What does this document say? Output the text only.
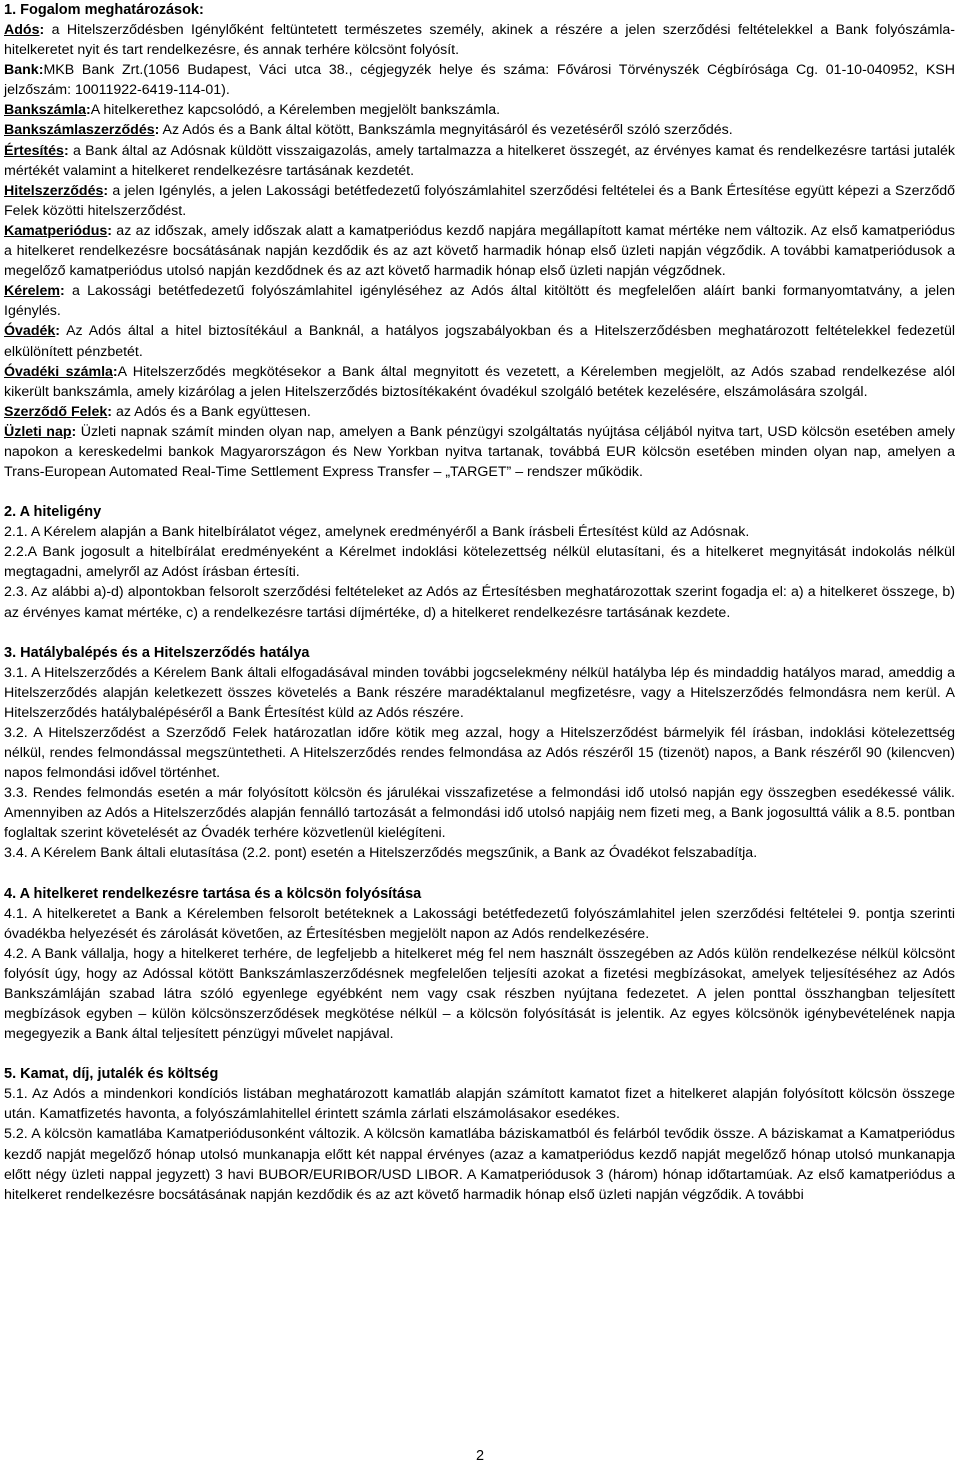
1. Fogalom meghatározások:

Adós: a Hitelszerződésben Igénylőként feltüntetett természetes személy, akinek a részére a jelen szerződési feltételekkel a Bank folyószámla-hitelkeretet nyit és tart rendelkezésre, és annak terhére kölcsönt folyósít.

Bank:MKB Bank Zrt.(1056 Budapest, Váci utca 38., cégjegyzék helye és száma: Fővárosi Törvényszék Cégbírósága Cg. 01-10-040952, KSH jelzőszám: 10011922-6419-114-01).

Bankszámla:A hitelkerethez kapcsolódó, a Kérelemben megjelölt bankszámla.

Bankszámlaszerződés: Az Adós és a Bank által kötött, Bankszámla megnyitásáról és vezetéséről szóló szerződés.

Értesítés: a Bank által az Adósnak küldött visszaigazolás, amely tartalmazza a hitelkeret összegét, az érvényes kamat és rendelkezésre tartási jutalék mértékét valamint a hitelkeret rendelkezésre tartásának kezdetét.

Hitelszerződés: a jelen Igénylés, a jelen Lakossági betétfedezetű folyószámlahitel szerződési feltételei és a Bank Értesítése együtt képezi a Szerződő Felek közötti hitelszerződést.

Kamatperiódus: az az időszak, amely időszak alatt a kamatperiódus kezdő napjára megállapított kamat mértéke nem változik. Az első kamatperiódus a hitelkeret rendelkezésre bocsátásának napján kezdődik és az azt követő harmadik hónap első üzleti napján végződik. A további kamatperiódusok a megelőző kamatperiódus utolsó napján kezdődnek és az azt követő harmadik hónap első üzleti napján végződnek.

Kérelem: a Lakossági betétfedezetű folyószámlahitel igényléséhez az Adós által kitöltött és megfelelően aláírt banki formanyomtatvány, a jelen Igénylés.

Óvadék: Az Adós által a hitel biztosítékául a Banknál, a hatályos jogszabályokban és a Hitelszerződésben meghatározott feltételekkel fedezetül elkülönített pénzbetét.

Óvadéki számla:A Hitelszerződés megkötésekor a Bank által megnyitott és vezetett, a Kérelemben megjelölt, az Adós szabad rendelkezése alól kikerült bankszámla, amely kizárólag a jelen Hitelszerződés biztosítékaként óvadékul szolgáló betétek kezelésére, elszámolására szolgál.

Szerződő Felek: az Adós és a Bank együttesen.

Üzleti nap: Üzleti napnak számít minden olyan nap, amelyen a Bank pénzügyi szolgáltatás nyújtása céljából nyitva tart, USD kölcsön esetében amely napokon a kereskedelmi bankok Magyarországon és New Yorkban nyitva tartanak, továbbá EUR kölcsön esetében minden olyan nap, amelyen a Trans-European Automated Real-Time Settlement Express Transfer – „TARGET” – rendszer működik.

2. A hiteligény

2.1. A Kérelem alapján a Bank hitelbírálatot végez, amelynek eredményéről a Bank írásbeli Értesítést küld az Adósnak.

2.2.A Bank jogosult a hitelbírálat eredményeként a Kérelmet indoklási kötelezettség nélkül elutasítani, és a hitelkeret megnyitását indokolás nélkül megtagadni, amelyről az Adóst írásban értesíti.

2.3. Az alábbi a)-d) alpontokban felsorolt szerződési feltételeket az Adós az Értesítésben meghatározottak szerint fogadja el: a) a hitelkeret összege, b) az érvényes kamat mértéke, c) a rendelkezésre tartási díjmértéke, d) a hitelkeret rendelkezésre tartásának kezdete.

3. Hatálybalépés és a Hitelszerződés hatálya

3.1. A Hitelszerződés a Kérelem Bank általi elfogadásával minden további jogcselekmény nélkül hatályba lép és mindaddig hatályos marad, ameddig a Hitelszerződés alapján keletkezett összes követelés a Bank részére maradéktalanul megfizetésre, vagy a Hitelszerződés felmondásra nem kerül. A Hitelszerződés hatálybalépéséről a Bank Értesítést küld az Adós részére.

3.2. A Hitelszerződést a Szerződő Felek határozatlan időre kötik meg azzal, hogy a Hitelszerződést bármelyik fél írásban, indoklási kötelezettség nélkül, rendes felmondással megszüntetheti. A Hitelszerződés rendes felmondása az Adós részéről 15 (tizenöt) napos, a Bank részéről 90 (kilencven) napos felmondási idővel történhet.

3.3. Rendes felmondás esetén a már folyósított kölcsön és járulékai visszafizetése a felmondási idő utolsó napján egy összegben esedékessé válik. Amennyiben az Adós a Hitelszerződés alapján fennálló tartozását a felmondási idő utolsó napjáig nem fizeti meg, a Bank jogosulttá válik a 8.5. pontban foglaltak szerint követelését az Óvadék terhére közvetlenül kielégíteni.

3.4. A Kérelem Bank általi elutasítása (2.2. pont) esetén a Hitelszerződés megszűnik, a Bank az Óvadékot felszabadítja.

4. A hitelkeret rendelkezésre tartása és a kölcsön folyósítása

4.1. A hitelkeretet a Bank a Kérelemben felsorolt betéteknek a Lakossági betétfedezetű folyószámlahitel jelen szerződési feltételei 9. pontja szerinti óvadékba helyezését és zárolását követően, az Értesítésben megjelölt napon az Adós rendelkezésére.

4.2. A Bank vállalja, hogy a hitelkeret terhére, de legfeljebb a hitelkeret még fel nem használt összegében az Adós külön rendelkezése nélkül kölcsönt folyósít úgy, hogy az Adóssal kötött Bankszámlaszerződésnek megfelelően teljesíti azokat a fizetési megbízásokat, amelyek teljesítéséhez az Adós Bankszámláján szabad látra szóló egyenlege egyébként nem vagy csak részben nyújtana fedezetet. A jelen ponttal összhangban teljesített megbízások egyben – külön kölcsönszerződések megkötése nélkül – a kölcsön folyósítását is jelentik. Az egyes kölcsönök igénybevételének napja megegyezik a Bank által teljesített pénzügyi művelet napjával.

5. Kamat, díj, jutalék és költség

5.1. Az Adós a mindenkori kondíciós listában meghatározott kamatláb alapján számított kamatot fizet a hitelkeret alapján folyósított kölcsön összege után. Kamatfizetés havonta, a folyószámlahitellel érintett számla zárlati elszámolásakor esedékes.

5.2. A kölcsön kamatlába Kamatperiódusonként változik. A kölcsön kamatlába báziskamatból és felárból tevődik össze. A báziskamat a Kamatperiódus kezdő napját megelőző hónap utolsó munkanapja előtt két nappal érvényes (azaz a kamatperiódus kezdő napját megelőző hónap utolsó munkanapja előtt négy üzleti nappal jegyzett) 3 havi BUBOR/EURIBOR/USD LIBOR. A Kamatperiódusok 3 (három) hónap időtartamúak. Az első kamatperiódus a hitelkeret rendelkezésre bocsátásának napján kezdődik és az azt követő harmadik hónap első üzleti napján végződik. A további

2
